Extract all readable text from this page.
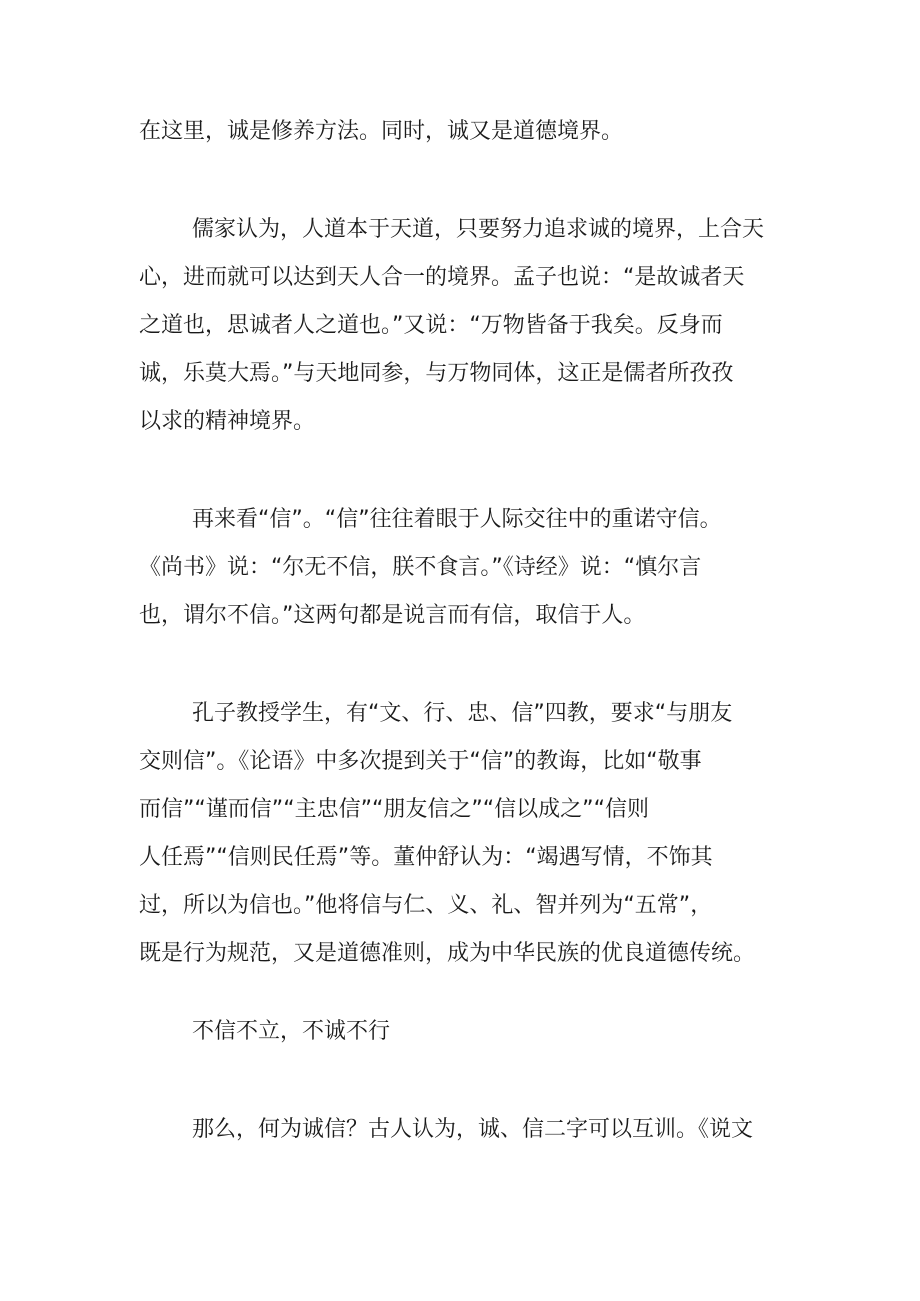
在这里，诚是修养方法。同时，诚又是道德境界。

儒家认为，人道本于天道，只要努力追求诚的境界，上合天

心，进而就可以达到天人合一的境界。孟子也说：“是故诚者天

之道也，思诚者人之道也。”又说：“万物皆备于我矣。反身而

诚，乐莫大焉。”与天地同参，与万物同体，这正是儒者所孜孜

以求的精神境界。

再来看“信”。“信”往往着眼于人际交往中的重诺守信。

《尚书》说：“尔无不信，朕不食言。”《诗经》说：“慎尔言

也，谓尔不信。”这两句都是说言而有信，取信于人。

孔子教授学生，有“文、行、忠、信”四教，要求“与朋友

交则信”。《论语》中多次提到关于“信”的教诲，比如“敬事

而信”“谨而信”“主忠信”“朋友信之”“信以成之”“信则

人任焉”“信则民任焉”等。董仲舒认为：“竭遇写情，不饰其

过，所以为信也。”他将信与仁、义、礼、智并列为“五常”，

既是行为规范，又是道德准则，成为中华民族的优良道德传统。

不信不立，不诚不行

那么，何为诚信？古人认为，诚、信二字可以互训。《说文
